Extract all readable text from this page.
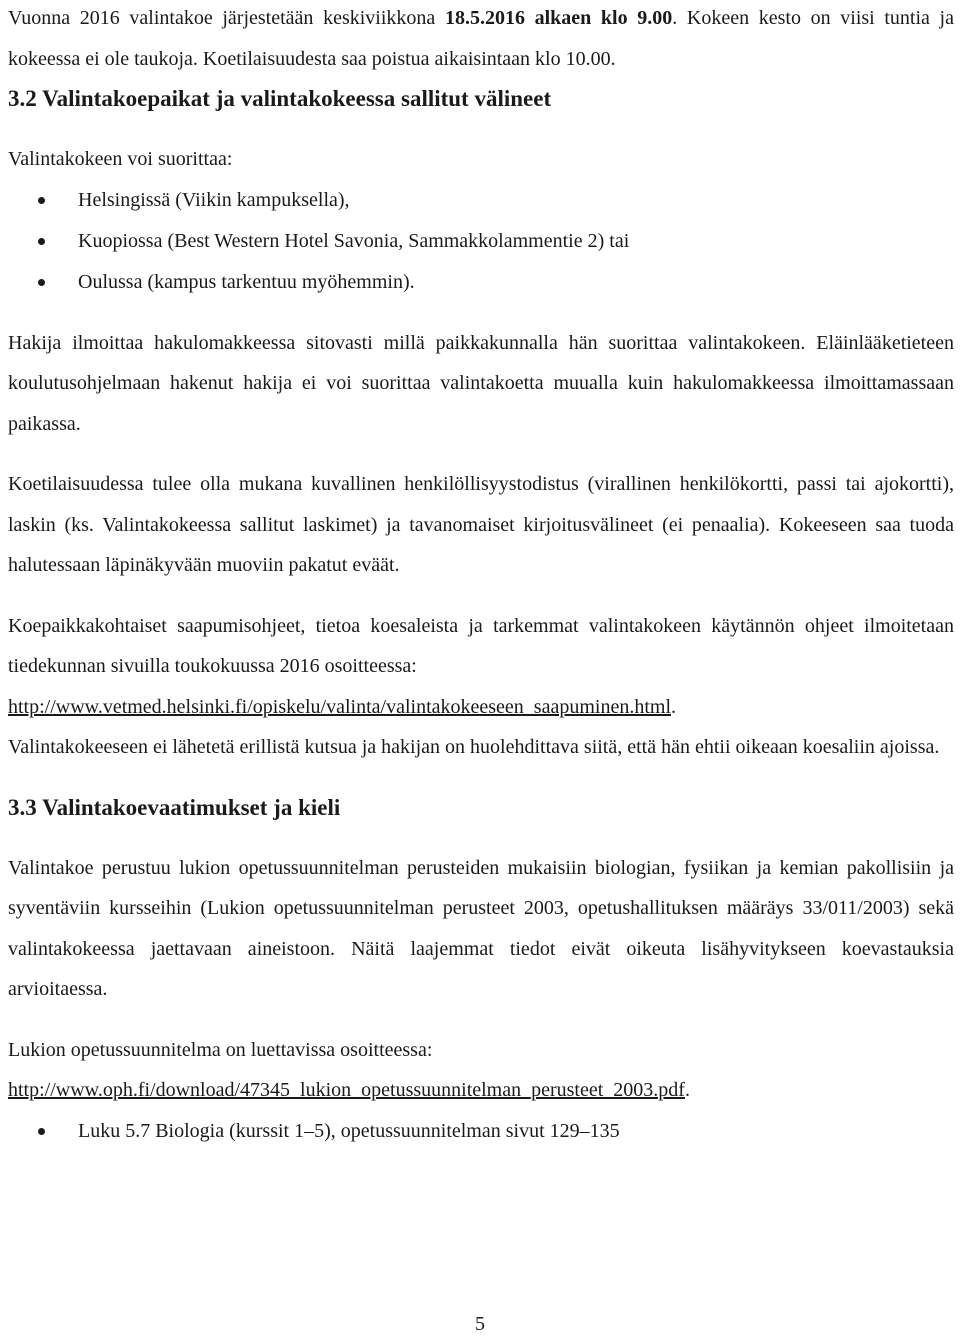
Vuonna 2016 valintakoe järjestetään keskiviikkona 18.5.2016 alkaen klo 9.00. Kokeen kesto on viisi tuntia ja kokeessa ei ole taukoja. Koetilaisuudesta saa poistua aikaisintaan klo 10.00.

3.2 Valintakoepaikat ja valintakokeessa sallitut välineet

Valintakokeen voi suorittaa:

Helsingissä (Viikin kampuksella),
Kuopiossa (Best Western Hotel Savonia, Sammakkolammentie 2) tai
Oulussa (kampus tarkentuu myöhemmin).

Hakija ilmoittaa hakulomakkeessa sitovasti millä paikkakunnalla hän suorittaa valintakokeen. Eläinlääketieteen koulutusohjelmaan hakenut hakija ei voi suorittaa valintakoetta muualla kuin hakulomakkeessa ilmoittamassaan paikassa.

Koetilaisuudessa tulee olla mukana kuvallinen henkilöllisyystodistus (virallinen henkilökortti, passi tai ajokortti), laskin (ks. Valintakokeessa sallitut laskimet) ja tavanomaiset kirjoitusvälineet (ei penaalia). Kokeeseen saa tuoda halutessaan läpinäkyvään muoviin pakatut eväät.

Koepaikkakohtaiset saapumisohjeet, tietoa koesaleista ja tarkemmat valintakokeen käytännön ohjeet ilmoitetaan tiedekunnan sivuilla toukokuussa 2016 osoitteessa:

http://www.vetmed.helsinki.fi/opiskelu/valinta/valintakokeeseen_saapuminen.html.

Valintakokeeseen ei lähetetä erillistä kutsua ja hakijan on huolehdittava siitä, että hän ehtii oikeaan koesaliin ajoissa.

3.3 Valintakoevaatimukset ja kieli

Valintakoe perustuu lukion opetussuunnitelman perusteiden mukaisiin biologian, fysiikan ja kemian pakollisiin ja syventäviin kursseihin (Lukion opetussuunnitelman perusteet 2003, opetushallituksen määräys 33/011/2003) sekä valintakokeessa jaettavaan aineistoon. Näitä laajemmat tiedot eivät oikeuta lisähyvitykseen koevastauksia arvioitaessa.

Lukion opetussuunnitelma on luettavissa osoitteessa:

http://www.oph.fi/download/47345_lukion_opetussuunnitelman_perusteet_2003.pdf.

Luku 5.7 Biologia (kurssit 1–5), opetussuunnitelman sivut 129–135
5
